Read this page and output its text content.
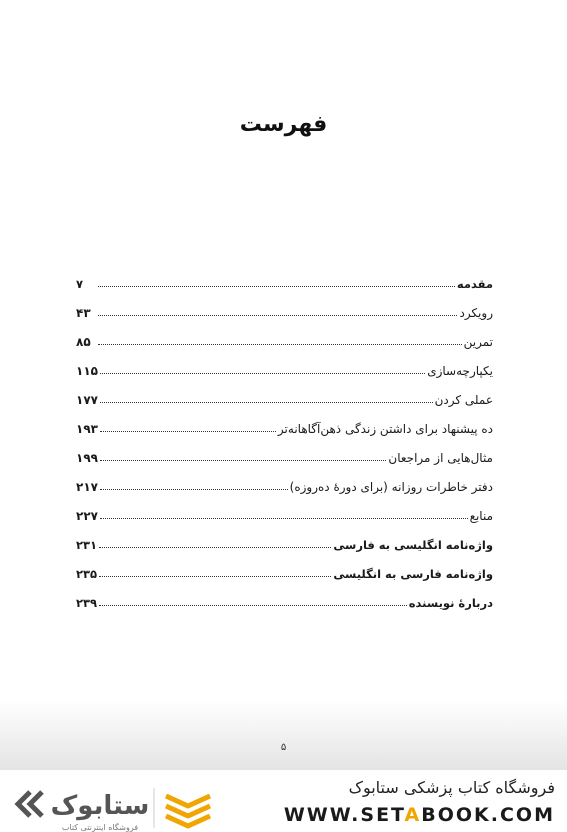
فهرست
مقدمه
۷
رویکرد
۴۳
تمرین
۸۵
یکپارچه‌سازی
۱۱۵
عملی کردن
۱۷۷
ده پیشنهاد برای داشتن زندگی ذهن‌آگاهانه‌تر
۱۹۳
مثال‌هایی از مراجعان
۱۹۹
دفتر خاطرات روزانه (برای دورۀ ده‌روزه)
۲۱۷
منابع
۲۲۷
واژه‌نامه انگلیسی به فارسی
۲۳۱
واژه‌نامه فارسی به انگلیسی
۲۳۵
دربارۀ نویسنده
۲۳۹
۵
ستابوک
فروشگاه اینترنتی کتاب
فروشگاه کتاب پزشکی ستابوک
WWW.SETABOOK.COM
